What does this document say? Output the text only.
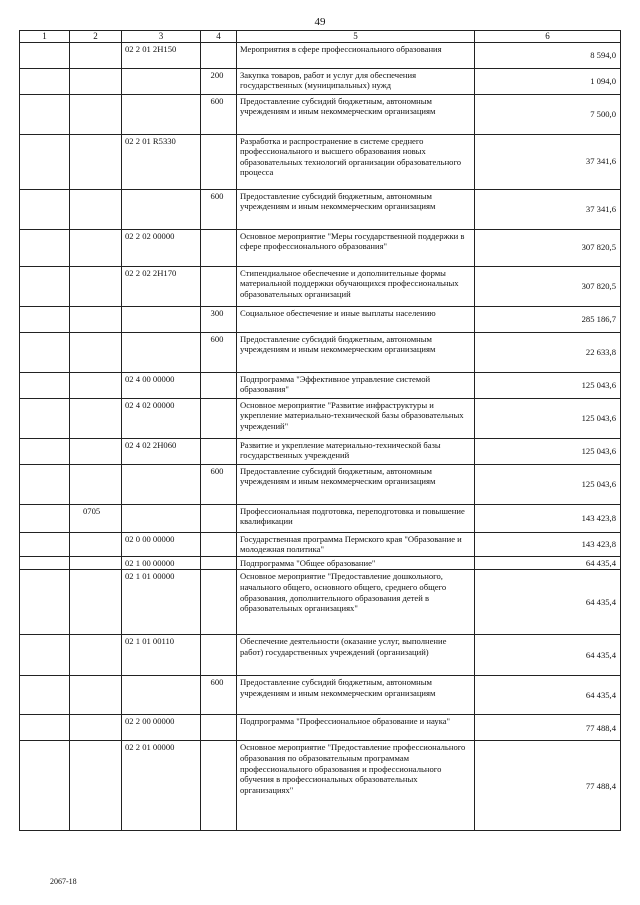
49
1	2	3	4	5	6
		02 2 01 2Н150		Мероприятия в сфере профессионального образования	8 594,0
			200	Закупка товаров, работ и услуг для обеспечения государственных (муниципальных) нужд	1 094,0
			600	Предоставление субсидий бюджетным, автономным учреждениям и иным некоммерческим организациям	7 500,0
		02 2 01 R5330		Разработка и распространение в системе среднего профессионального и высшего образования новых образовательных технологий организации образовательного процесса	37 341,6
			600	Предоставление субсидий бюджетным, автономным учреждениям и иным некоммерческим организациям	37 341,6
		02 2 02 00000		Основное мероприятие "Меры государственной поддержки в сфере профессионального образования"	307 820,5
		02 2 02 2Н170		Стипендиальное обеспечение и дополнительные формы материальной поддержки обучающихся профессиональных образовательных организаций	307 820,5
			300	Социальное обеспечение и иные выплаты населению	285 186,7
			600	Предоставление субсидий бюджетным, автономным учреждениям и иным некоммерческим организациям	22 633,8
		02 4 00 00000		Подпрограмма "Эффективное управление системой образования"	125 043,6
		02 4 02 00000		Основное мероприятие "Развитие инфраструктуры и укрепление материально-технической базы образовательных учреждений"	125 043,6
		02 4 02 2Н060		Развитие и укрепление материально-технической базы государственных учреждений	125 043,6
			600	Предоставление субсидий бюджетным, автономным учреждениям и иным некоммерческим организациям	125 043,6
	0705			Профессиональная подготовка, переподготовка и повышение квалификации	143 423,8
		02 0 00 00000		Государственная программа Пермского края "Образование и молодежная политика"	143 423,8
		02 1 00 00000		Подпрограмма "Общее образование"	64 435,4
		02 1 01 00000		Основное мероприятие "Предоставление дошкольного, начального общего, основного общего, среднего общего образования, дополнительного образования детей в образовательных организациях"	64 435,4
		02 1 01 00110		Обеспечение деятельности (оказание услуг, выполнение работ) государственных учреждений (организаций)	64 435,4
			600	Предоставление субсидий бюджетным, автономным учреждениям и иным некоммерческим организациям	64 435,4
		02 2 00 00000		Подпрограмма "Профессиональное образование и наука"	77 488,4
		02 2 01 00000		Основное мероприятие "Предоставление профессионального образования по образовательным программам профессионального образования и профессионального обучения в профессиональных образовательных организациях"	77 488,4
2067-18
